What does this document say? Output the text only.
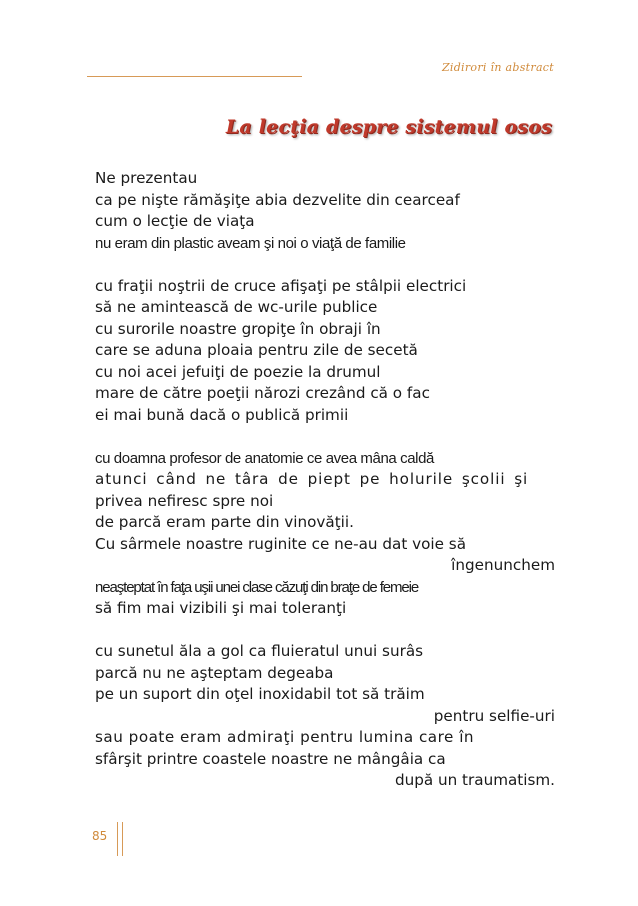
Zidirori în abstract
La lecţia despre sistemul osos
Ne prezentau
ca pe nişte rămăşiţe abia dezvelite din cearceaf
cum o lecţie de viaţa
nu eram din plastic aveam şi noi o viaţă de familie
cu fraţii noştrii de cruce afişaţi pe stâlpii electrici
să ne amintească de wc-urile publice
cu surorile noastre gropiţe în obraji în
care se aduna ploaia pentru zile de secetă
cu noi acei jefuiţi de poezie la drumul
mare de către poeţii nărozi crezând că o fac
ei mai bună dacă o publică primii
cu doamna profesor de anatomie ce avea mâna caldă
atunci când ne târa de piept pe holurile şcolii şi
privea nefiresc spre noi
de parcă eram parte din vinovăţii.
Cu sârmele noastre ruginite ce ne-au dat voie să
îngenunchem
neaşteptat în faţa uşii unei clase căzuţi din braţe de femeie
să fim mai vizibili şi mai toleranţi
cu sunetul ăla a gol ca fluieratul unui surâs
parcă nu ne aşteptam degeaba
pe un suport din oţel inoxidabil tot să trăim
pentru selfie-uri
sau poate eram admiraţi pentru lumina care în
sfârşit printre coastele noastre ne mângâia ca
după un traumatism.
85
